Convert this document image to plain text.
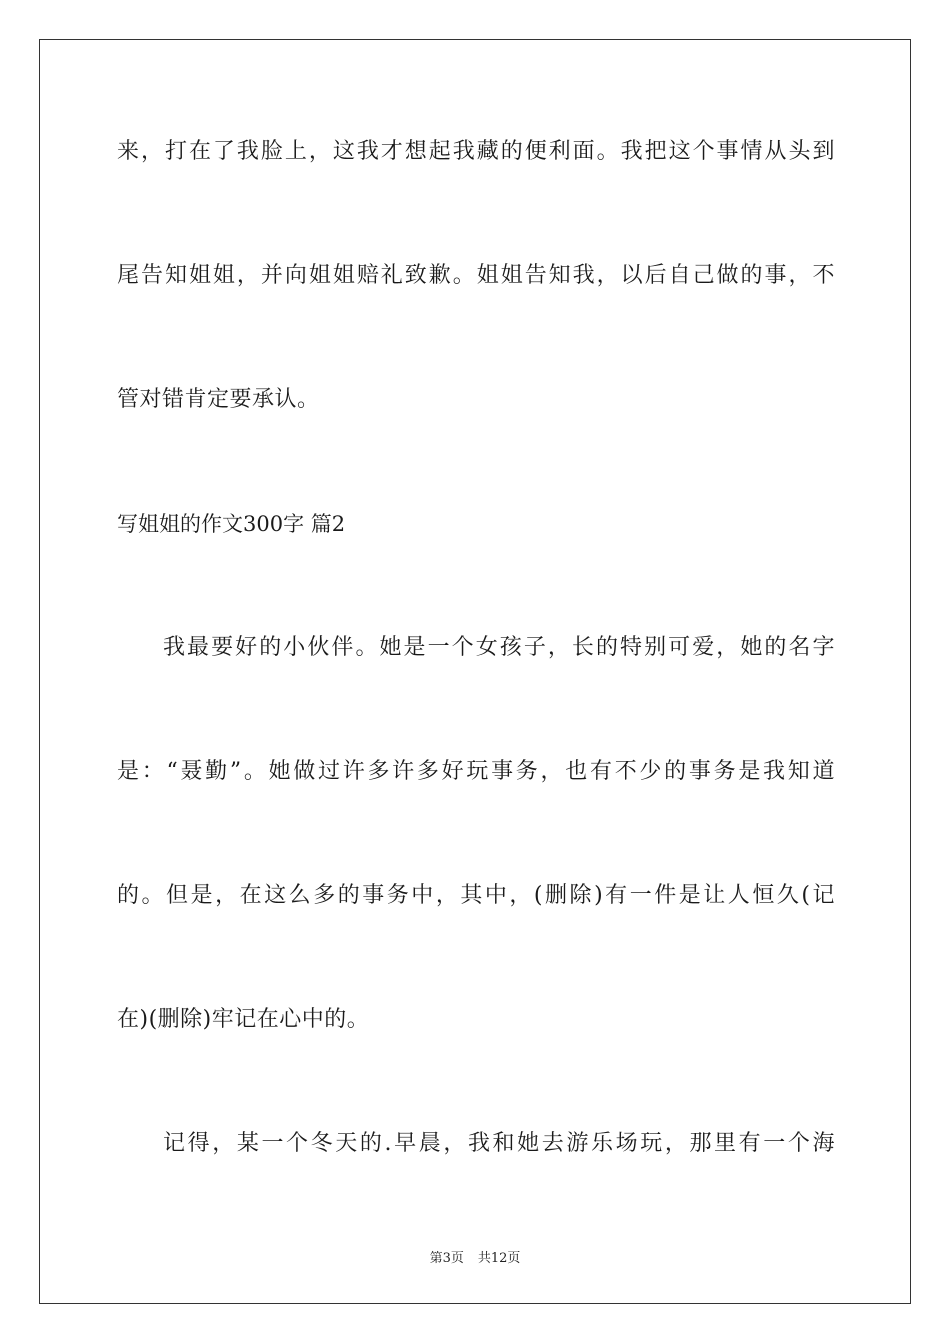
来，打在了我脸上，这我才想起我藏的便利面。我把这个事情从头到
尾告知姐姐，并向姐姐赔礼致歉。姐姐告知我，以后自己做的事，不
管对错肯定要承认。
写姐姐的作文300字 篇2
我最要好的小伙伴。她是一个女孩子，长的特别可爱，她的名字
是：“聂勤”。她做过许多许多好玩事务，也有不少的事务是我知道
的。但是，在这么多的事务中，其中，(删除)有一件是让人恒久(记
在)(删除)牢记在心中的。
记得，某一个冬天的.早晨，我和她去游乐场玩，那里有一个海
第3页 共12页
